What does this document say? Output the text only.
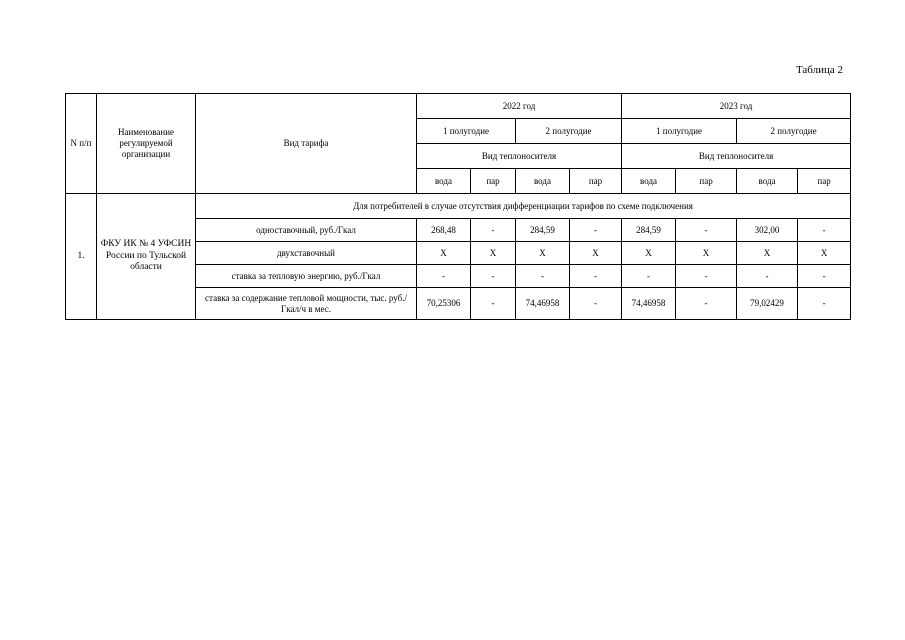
Таблица 2
N п/п	Наименование регулируемой организации	Вид тарифа	2022 год				2023 год			
			1 полугодие		2 полугодие		1 полугодие		2 полугодие	
			Вид теплоносителя				Вид теплоносителя			
			вода	пар	вода	пар	вода	пар	вода	пар
1.	ФКУ ИК № 4 УФСИН России по Тульской области	Для потребителей в случае отсутствия дифференциации тарифов по схеме подключения								
		одноставочный, руб./Гкал	268,48	-	284,59	-	284,59	-	302,00	-
		двухставочный	X	X	X	X	X	X	X	X
		ставка за тепловую энергию, руб./Гкал	-	-	-	-	-	-	-	-
		ставка за содержание тепловой мощности, тыс. руб./Гкал/ч в мес.	70,25306	-	74,46958	-	74,46958	-	79,02429	-
